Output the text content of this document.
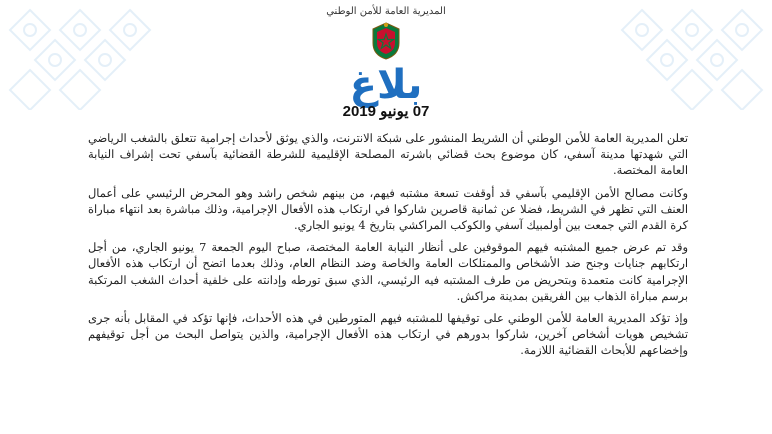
المديرية العامة للأمن الوطني
بلاغ
07 يونيو 2019

تعلن المديرية العامة للأمن الوطني أن الشريط المنشور على شبكة الانترنت، والذي يوثق لأحداث إجرامية تتعلق بالشغب الرياضي التي شهدتها مدينة آسفي، كان موضوع بحث قضائي باشرته المصلحة الإقليمية للشرطة القضائية بآسفي تحت إشراف النيابة العامة المختصة.

وكانت مصالح الأمن الإقليمي بآسفي قد أوقفت تسعة مشتبه فيهم، من بينهم شخص راشد وهو المحرض الرئيسي على أعمال العنف التي تظهر في الشريط، فضلا عن ثمانية قاصرين شاركوا في ارتكاب هذه الأفعال الإجرامية، وذلك مباشرة بعد انتهاء مباراة كرة القدم التي جمعت بين أولمبيك آسفي والكوكب المراكشي بتاريخ 4 يونيو الجاري.

وقد تم عرض جميع المشتبه فيهم الموقوفين على أنظار النيابة العامة المختصة، صباح اليوم الجمعة 7 يونيو الجاري، من أجل ارتكابهم جنايات وجنح ضد الأشخاص والممتلكات العامة والخاصة وضد النظام العام، وذلك بعدما اتضح أن ارتكاب هذه الأفعال الإجرامية كانت متعمدة وبتحريض من طرف المشتبه فيه الرئيسي، الذي سبق تورطه وإدانته على خلفية أحداث الشغب المرتكبة برسم مباراة الذهاب بين الفريقين بمدينة مراكش.

وإذ تؤكد المديرية العامة للأمن الوطني على توقيفها للمشتبه فيهم المتورطين في هذه الأحداث، فإنها تؤكد في المقابل بأنه جرى تشخيص هويات أشخاص آخرين، شاركوا بدورهم في ارتكاب هذه الأفعال الإجرامية، والذين يتواصل البحث من أجل توقيفهم وإخضاعهم للأبحاث القضائية اللازمة.
